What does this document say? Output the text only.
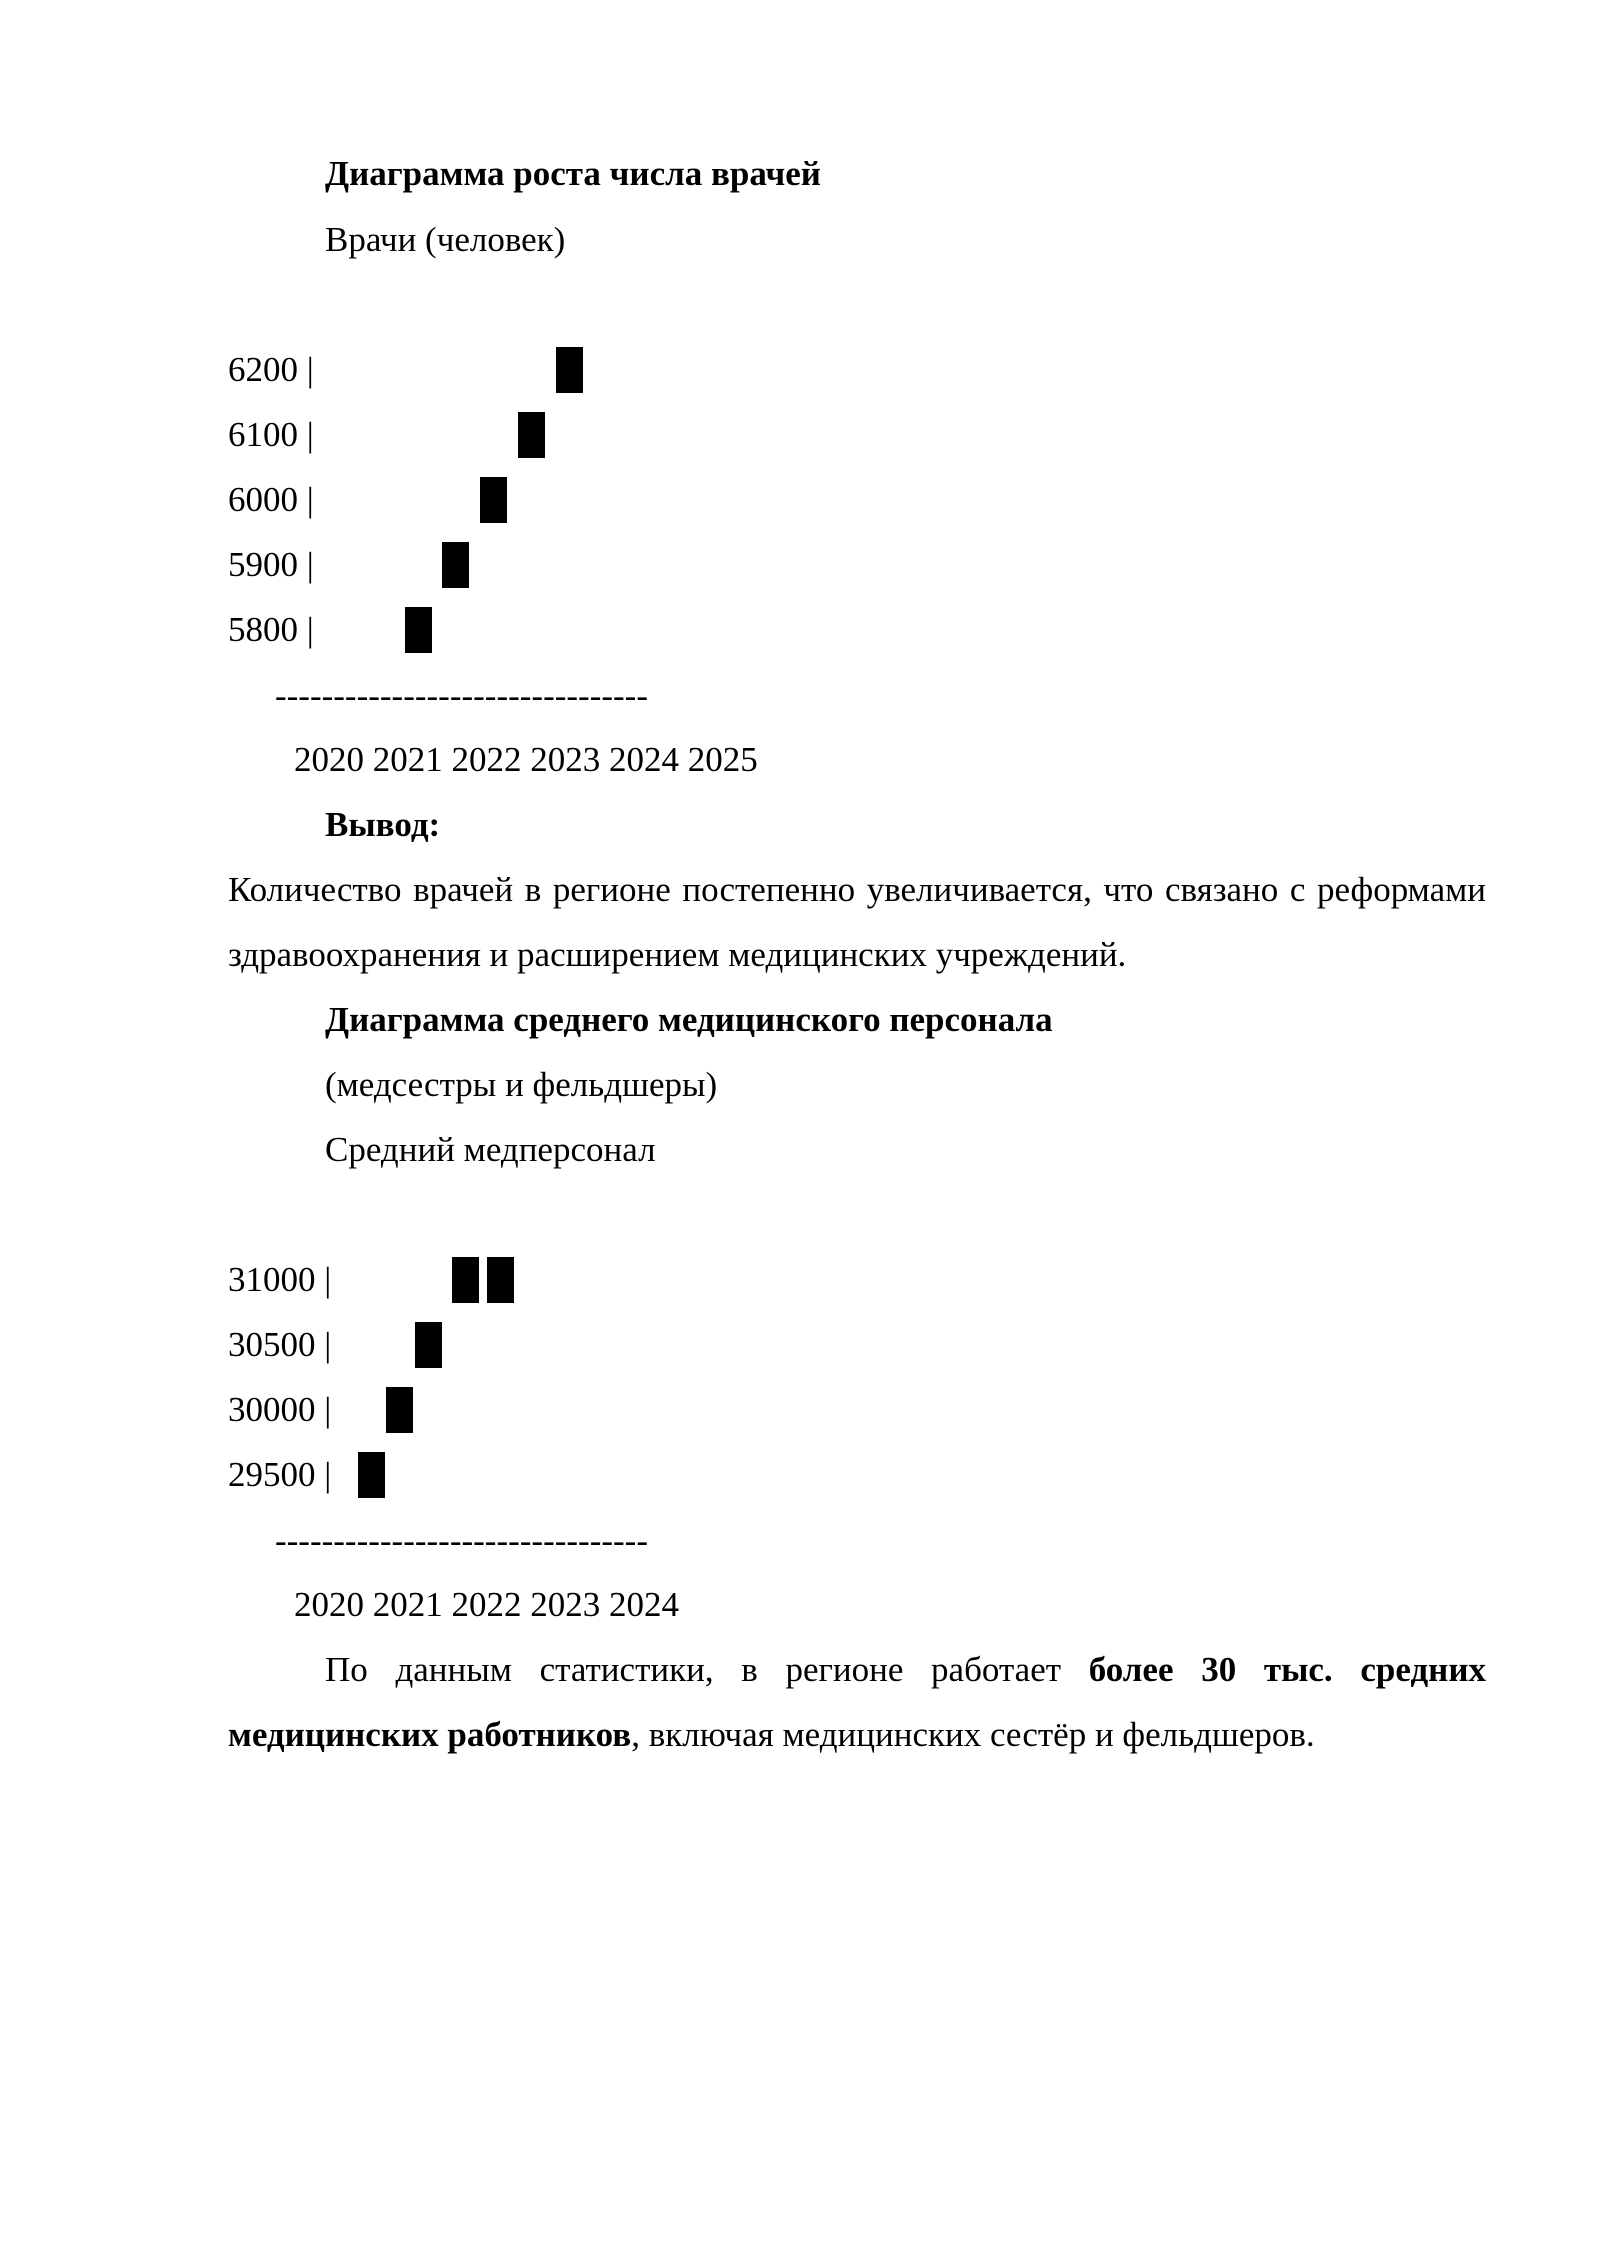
Диаграмма роста числа врачей
Врачи (человек)
6200 |
6100 |
6000 |
5900 |
5800 |
--------------------------------
2020 2021 2022 2023 2024 2025
Вывод:
Количество врачей в регионе постепенно увеличивается, что связано с реформами здравоохранения и расширением медицинских учреждений.
Диаграмма среднего медицинского персонала
(медсестры и фельдшеры)
Средний медперсонал
31000 |
30500 |
30000 |
29500 |
--------------------------------
2020 2021 2022 2023 2024
По данным статистики, в регионе работает более 30 тыс. средних медицинских работников, включая медицинских сестёр и фельдшеров.
